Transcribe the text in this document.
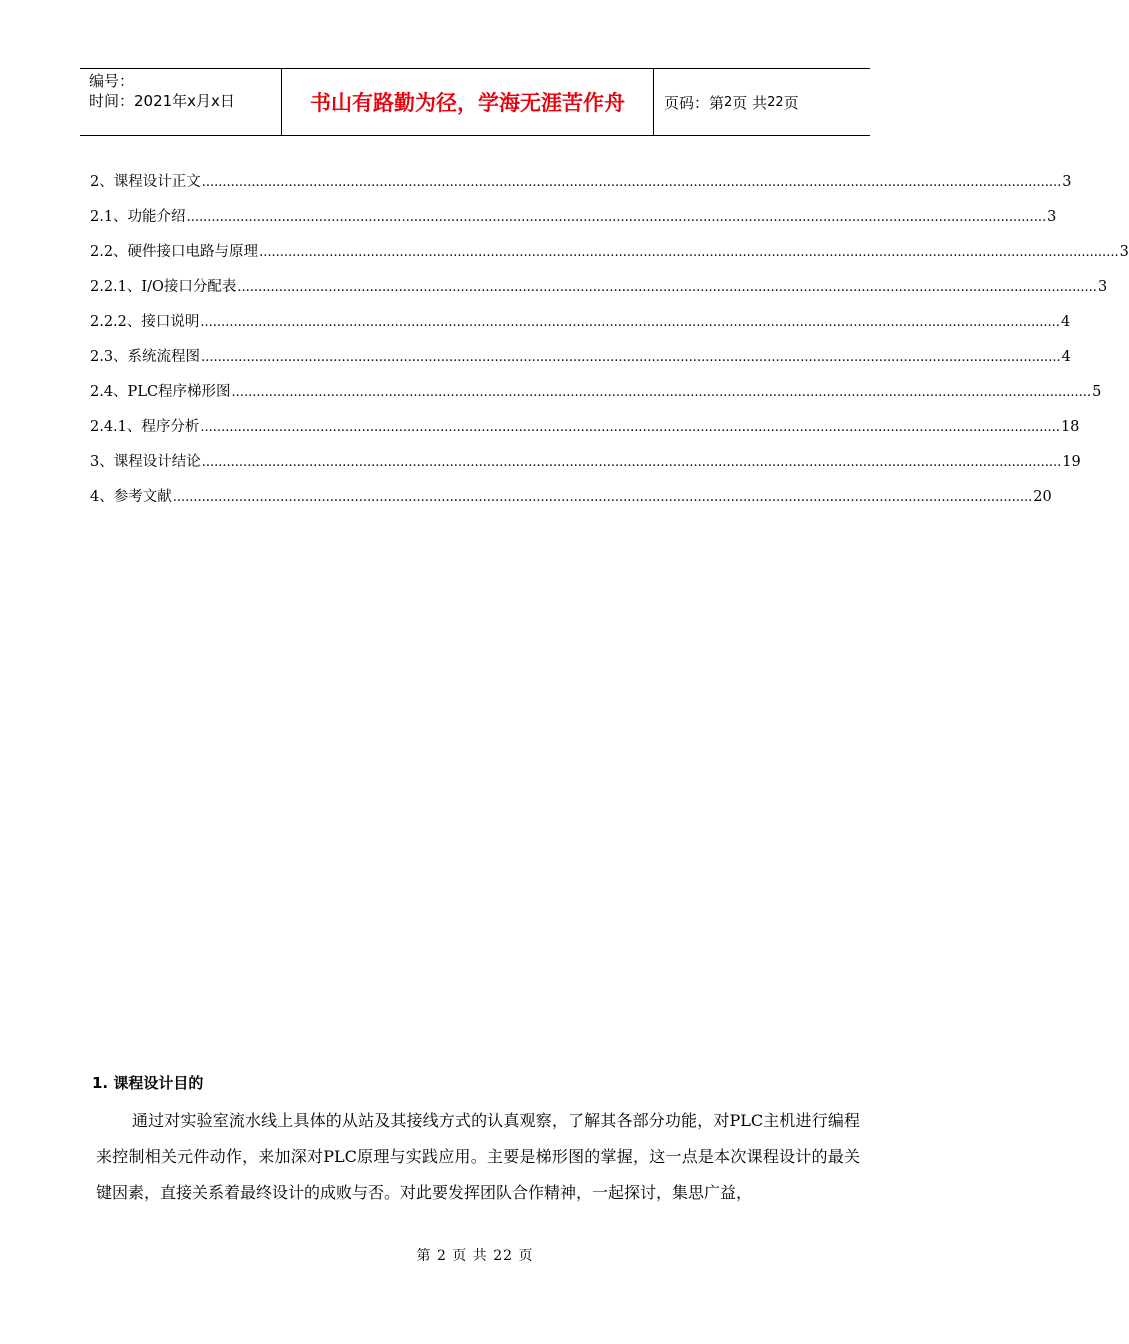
编号：
时间：2021年x月x日	书山有路勤为径，学海无涯苦作舟	页码：第 2 页 共 22 页
2、课程设计正文 ................................................................................................................................................................................................................ 3
2.1、功能介绍 ................................................................................................................................................................................................................ 3
2.2、硬件接口电路与原理 ................................................................................................................................................................................................................ 3
2.2.1、I/O接口分配表 ................................................................................................................................................................................................................ 3
2.2.2、接口说明 ................................................................................................................................................................................................................ 4
2.3、系统流程图 ................................................................................................................................................................................................................ 4
2.4、PLC程序梯形图 ................................................................................................................................................................................................................ 5
2.4.1、程序分析 ................................................................................................................................................................................................................ 18
3、课程设计结论 ................................................................................................................................................................................................................ 19
4、参考文献 ................................................................................................................................................................................................................ 20
1. 课程设计目的
通过对实验室流水线上具体的从站及其接线方式的认真观察，了解其各部分功能，对PLC主机进行编程来控制相关元件动作，来加深对PLC原理与实践应用。主要是梯形图的掌握，这一点是本次课程设计的最关键因素，直接关系着最终设计的成败与否。对此要发挥团队合作精神，一起探讨，集思广益，
第 2 页 共 22 页
